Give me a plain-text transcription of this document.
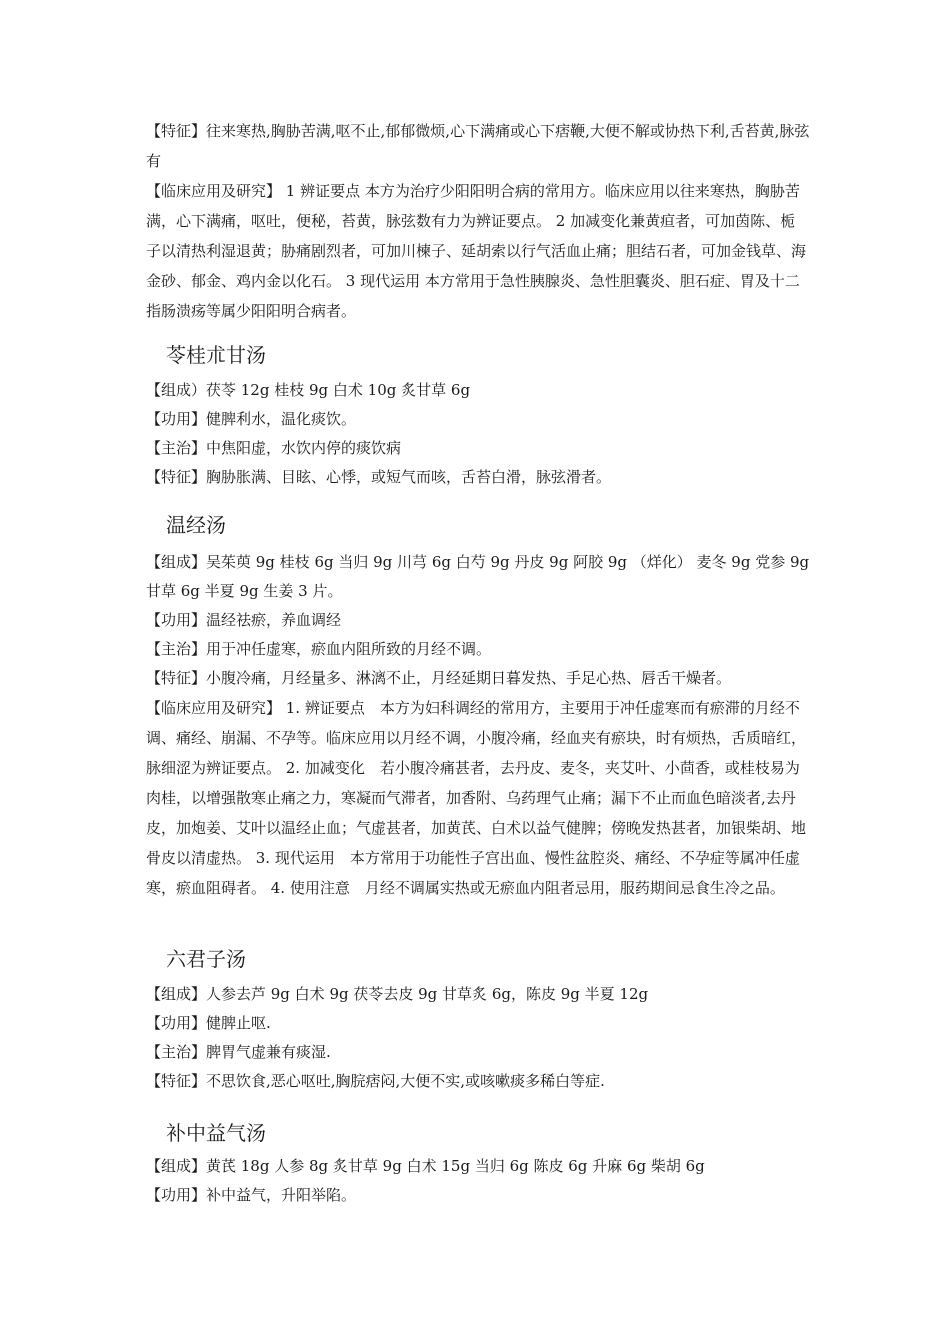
【特征】往来寒热,胸胁苦满,呕不止,郁郁微烦,心下满痛或心下痞鞭,大便不解或协热下利,舌苔黄,脉弦有

【临床应用及研究】 1 辨证要点 本方为治疗少阳阳明合病的常用方。临床应用以往来寒热，胸胁苦满，心下满痛，呕吐，便秘，苔黄，脉弦数有力为辨证要点。 2 加减变化兼黄疸者，可加茵陈、栀子以清热利湿退黄；胁痛剧烈者，可加川楝子、延胡索以行气活血止痛；胆结石者，可加金钱草、海金砂、郁金、鸡内金以化石。 3 现代运用 本方常用于急性胰腺炎、急性胆囊炎、胆石症、胃及十二指肠溃疡等属少阳阳明合病者。

苓桂朮甘汤

【组成）茯苓 12g 桂枝 9g 白术 10g 炙甘草 6g

【功用】健脾利水，温化痰饮。

【主治】中焦阳虚，水饮内停的痰饮病

【特征】胸胁胀满、目眩、心悸，或短气而咳，舌苔白滑，脉弦滑者。

温经汤

【组成】吴茱萸 9g 桂枝 6g 当归 9g 川芎 6g 白芍 9g 丹皮 9g 阿胶 9g （烊化） 麦冬 9g 党参 9g 甘草 6g 半夏 9g 生姜 3 片。

【功用】温经祛瘀，养血调经

【主治】用于冲任虚寒，瘀血内阻所致的月经不调。

【特征】小腹冷痛，月经量多、淋漓不止，月经延期日暮发热、手足心热、唇舌干燥者。

【临床应用及研究】 1. 辨证要点　本方为妇科调经的常用方，主要用于冲任虚寒而有瘀滞的月经不调、痛经、崩漏、不孕等。临床应用以月经不调，小腹冷痛，经血夹有瘀块，时有烦热，舌质暗红，脉细涩为辨证要点。 2. 加减变化　若小腹冷痛甚者，去丹皮、麦冬，夹艾叶、小茴香，或桂枝易为肉桂，以增强散寒止痛之力，寒凝而气滞者，加香附、乌药理气止痛；漏下不止而血色暗淡者,去丹皮，加炮姜、艾叶以温经止血；气虚甚者，加黄芪、白术以益气健脾；傍晚发热甚者，加银柴胡、地骨皮以清虚热。 3. 现代运用　本方常用于功能性子宫出血、慢性盆腔炎、痛经、不孕症等属冲任虚寒，瘀血阻碍者。 4. 使用注意　月经不调属实热或无瘀血内阻者忌用，服药期间忌食生冷之品。

六君子汤

【组成】人参去芦 9g 白术 9g 茯苓去皮 9g 甘草炙 6g，陈皮 9g 半夏 12g

【功用】健脾止呕.

【主治】脾胃气虚兼有痰湿.

【特征】不思饮食,恶心呕吐,胸脘痞闷,大便不实,或咳嗽痰多稀白等症.

补中益气汤

【组成】黄芪 18g 人参 8g 炙甘草 9g 白术 15g 当归 6g 陈皮 6g 升麻 6g 柴胡 6g

【功用】补中益气，升阳举陷。
